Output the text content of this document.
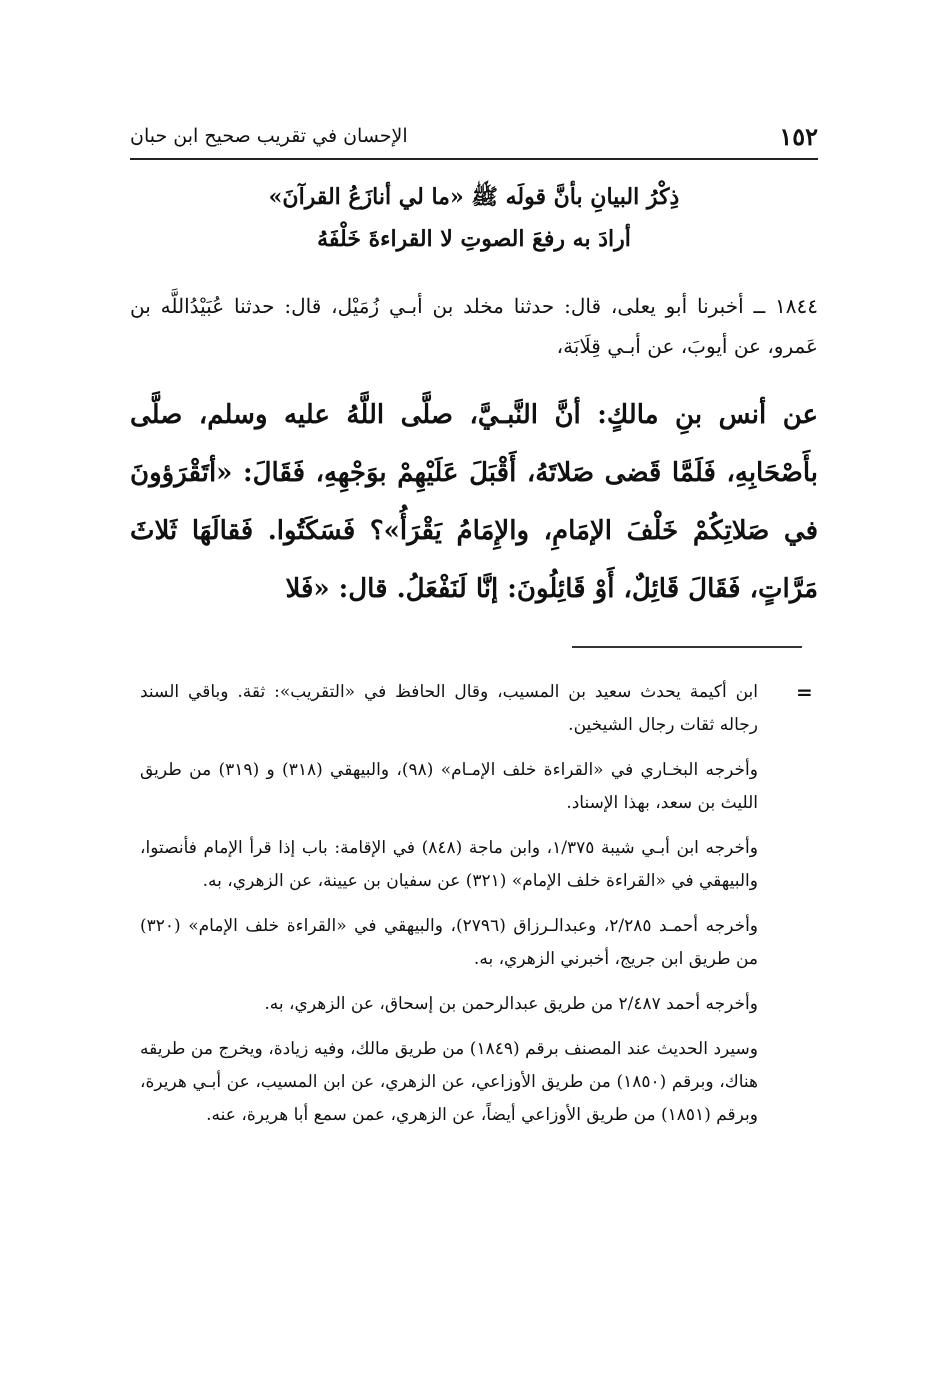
الإحسان في تقريب صحيح ابن حبان	١٥٢
ذِكْرُ البيانِ بأنَّ قولَه ﷺ «ما لي أنازَعُ القرآنَ»
أرادَ به رفعَ الصوتِ لا القراءةَ خَلْفَهُ
١٨٤٤ ــ أخبرنا أبو يعلى، قال: حدثنا مخلد بن أبـي زُمَيْل، قال: حدثنا عُبَيْدُاللَّه بن عَمرو، عن أيوبَ، عن أبـي قِلَابَة،
عن أنس بنِ مالكٍ: أنَّ النَّبـيَّ، صلَّى اللَّهُ عليه وسلم، صلَّى بأَصْحَابِهِ، فَلَمَّا قَضى صَلاتَهُ، أَقْبَلَ عَلَيْهِمْ بوَجْهِهِ، فَقَالَ: «أتَقْرَؤونَ في صَلاتِكُمْ خَلْفَ الإمَامِ، والإِمَامُ يَقْرَأُ»؟ فَسَكَتُوا. فَقالَهَا ثَلاثَ مَرَّاتٍ، فَقَالَ قَائِلٌ، أَوْ قَائِلُونَ: إنَّا لَنَفْعَلُ. قال: «فَلا
=

ابن أكيمة يحدث سعيد بن المسيب، وقال الحافظ في «التقريب»: ثقة. وباقي السند رجاله ثقات رجال الشيخين.

وأخرجه البخـاري في «القراءة خلف الإمـام» (٩٨)، والبيهقي (٣١٨) و (٣١٩) من طريق الليث بن سعد، بهذا الإسناد.

وأخرجه ابن أبـي شيبة ١/٣٧٥، وابن ماجة (٨٤٨) في الإقامة: باب إذا قرأ الإمام فأنصتوا، والبيهقي في «القراءة خلف الإمام» (٣٢١) عن سفيان بن عيينة، عن الزهري، به.

وأخرجه أحمـد ٢/٢٨٥، وعبدالـرزاق (٢٧٩٦)، والبيهقي في «القراءة خلف الإمام» (٣٢٠) من طريق ابن جريج، أخبرني الزهري، به.

وأخرجه أحمد ٢/٤٨٧ من طريق عبدالرحمن بن إسحاق، عن الزهري، به.

وسيرد الحديث عند المصنف برقم (١٨٤٩) من طريق مالك، وفيه زيادة، ويخرج من طريقه هناك، وبرقم (١٨٥٠) من طريق الأوزاعي، عن الزهري، عن ابن المسيب، عن أبـي هريرة، وبرقم (١٨٥١) من طريق الأوزاعي أيضاً، عن الزهري، عمن سمع أبا هريرة، عنه.
